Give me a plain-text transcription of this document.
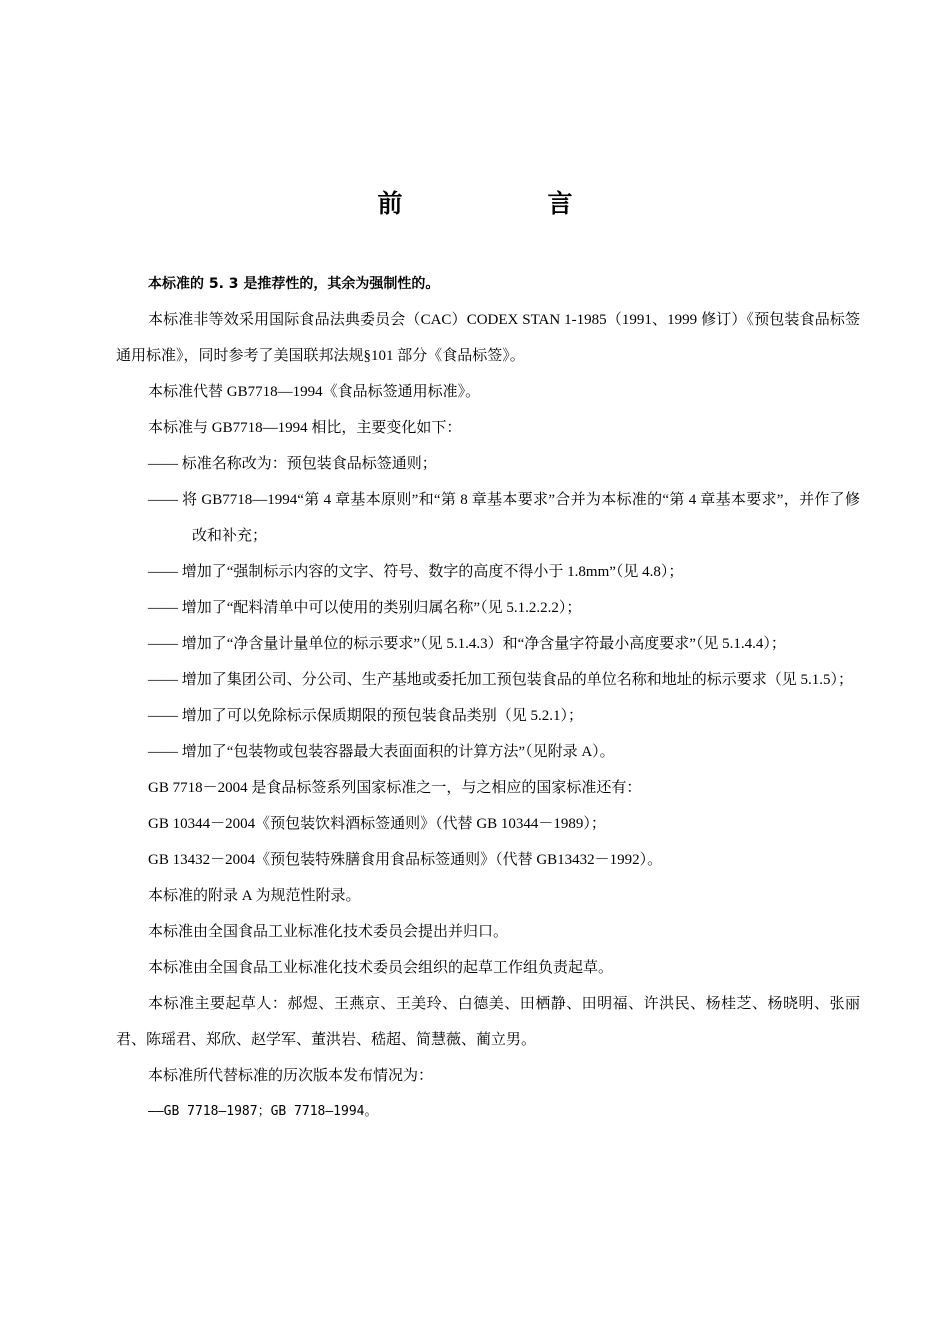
前　言

本标准的 5. 3 是推荐性的，其余为强制性的。

本标准非等效采用国际食品法典委员会（CAC）CODEX STAN 1-1985（1991、1999 修订）《预包装食品标签通用标准》，同时参考了美国联邦法规§101 部分《食品标签》。

本标准代替 GB7718—1994《食品标签通用标准》。

本标准与 GB7718—1994 相比，主要变化如下：

—— 标准名称改为：预包装食品标签通则；

—— 将 GB7718—1994“第 4 章基本原则”和“第 8 章基本要求”合并为本标准的“第 4 章基本要求”，并作了修改和补充；

—— 增加了“强制标示内容的文字、符号、数字的高度不得小于 1.8mm”（见 4.8）；

—— 增加了“配料清单中可以使用的类别归属名称”（见 5.1.2.2.2）；

—— 增加了“净含量计量单位的标示要求”（见 5.1.4.3）和“净含量字符最小高度要求”（见 5.1.4.4）；

—— 增加了集团公司、分公司、生产基地或委托加工预包装食品的单位名称和地址的标示要求（见 5.1.5）；

—— 增加了可以免除标示保质期限的预包装食品类别（见 5.2.1）；

—— 增加了“包装物或包装容器最大表面面积的计算方法”（见附录 A）。

GB 7718－2004 是食品标签系列国家标准之一，与之相应的国家标准还有：

GB 10344－2004《预包装饮料酒标签通则》（代替 GB 10344－1989）；

GB 13432－2004《预包装特殊膳食用食品标签通则》（代替 GB13432－1992）。

本标准的附录 A 为规范性附录。

本标准由全国食品工业标准化技术委员会提出并归口。

本标准由全国食品工业标准化技术委员会组织的起草工作组负责起草。

本标准主要起草人：郝煜、王燕京、王美玲、白德美、田栖静、田明福、许洪民、杨桂芝、杨晓明、张丽君、陈瑶君、郑欣、赵学军、董洪岩、嵇超、简慧薇、蔺立男。

本标准所代替标准的历次版本发布情况为：

——GB 7718—1987；GB 7718—1994。
